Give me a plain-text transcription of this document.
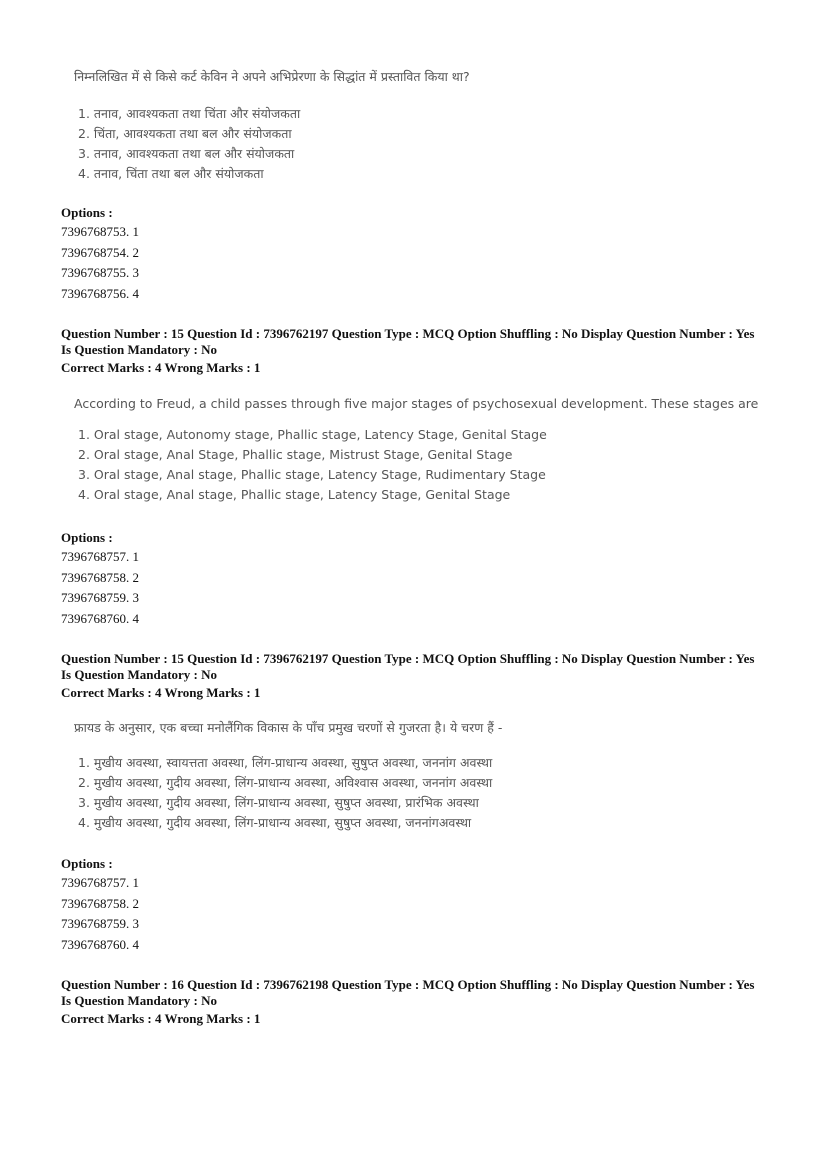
निम्नलिखित में से किसे कर्ट केविन ने अपने अभिप्रेरणा के सिद्धांत में प्रस्तावित किया था?

1. तनाव, आवश्यकता तथा चिंता और संयोजकता
2. चिंता, आवश्यकता तथा बल और संयोजकता
3. तनाव, आवश्यकता तथा बल और संयोजकता
4. तनाव, चिंता तथा बल और संयोजकता
Options :
7396768753. 1
7396768754. 2
7396768755. 3
7396768756. 4
Question Number : 15 Question Id : 7396762197 Question Type : MCQ Option Shuffling : No Display Question Number : Yes
Is Question Mandatory : No
Correct Marks : 4 Wrong Marks : 1

According to Freud, a child passes through five major stages of psychosexual development. These stages are

1. Oral stage, Autonomy stage, Phallic stage, Latency Stage, Genital Stage
2. Oral stage, Anal Stage, Phallic stage, Mistrust Stage, Genital Stage
3. Oral stage, Anal stage, Phallic stage, Latency Stage, Rudimentary Stage
4. Oral stage, Anal stage, Phallic stage, Latency Stage, Genital Stage
Options :
7396768757. 1
7396768758. 2
7396768759. 3
7396768760. 4
Question Number : 15 Question Id : 7396762197 Question Type : MCQ Option Shuffling : No Display Question Number : Yes
Is Question Mandatory : No
Correct Marks : 4 Wrong Marks : 1

फ्रायड के अनुसार, एक बच्चा मनोलैंगिक विकास के पाँच प्रमुख चरणों से गुजरता है। ये चरण हैं -

1. मुखीय अवस्था, स्वायत्तता अवस्था, लिंग-प्राधान्य अवस्था, सुषुप्त अवस्था, जननांग अवस्था
2. मुखीय अवस्था, गुदीय अवस्था, लिंग-प्राधान्य अवस्था, अविश्वास अवस्था, जननांग अवस्था
3. मुखीय अवस्था, गुदीय अवस्था, लिंग-प्राधान्य अवस्था, सुषुप्त अवस्था, प्रारंभिक अवस्था
4. मुखीय अवस्था, गुदीय अवस्था, लिंग-प्राधान्य अवस्था, सुषुप्त अवस्था, जननांगअवस्था
Options :
7396768757. 1
7396768758. 2
7396768759. 3
7396768760. 4
Question Number : 16 Question Id : 7396762198 Question Type : MCQ Option Shuffling : No Display Question Number : Yes
Is Question Mandatory : No
Correct Marks : 4 Wrong Marks : 1
